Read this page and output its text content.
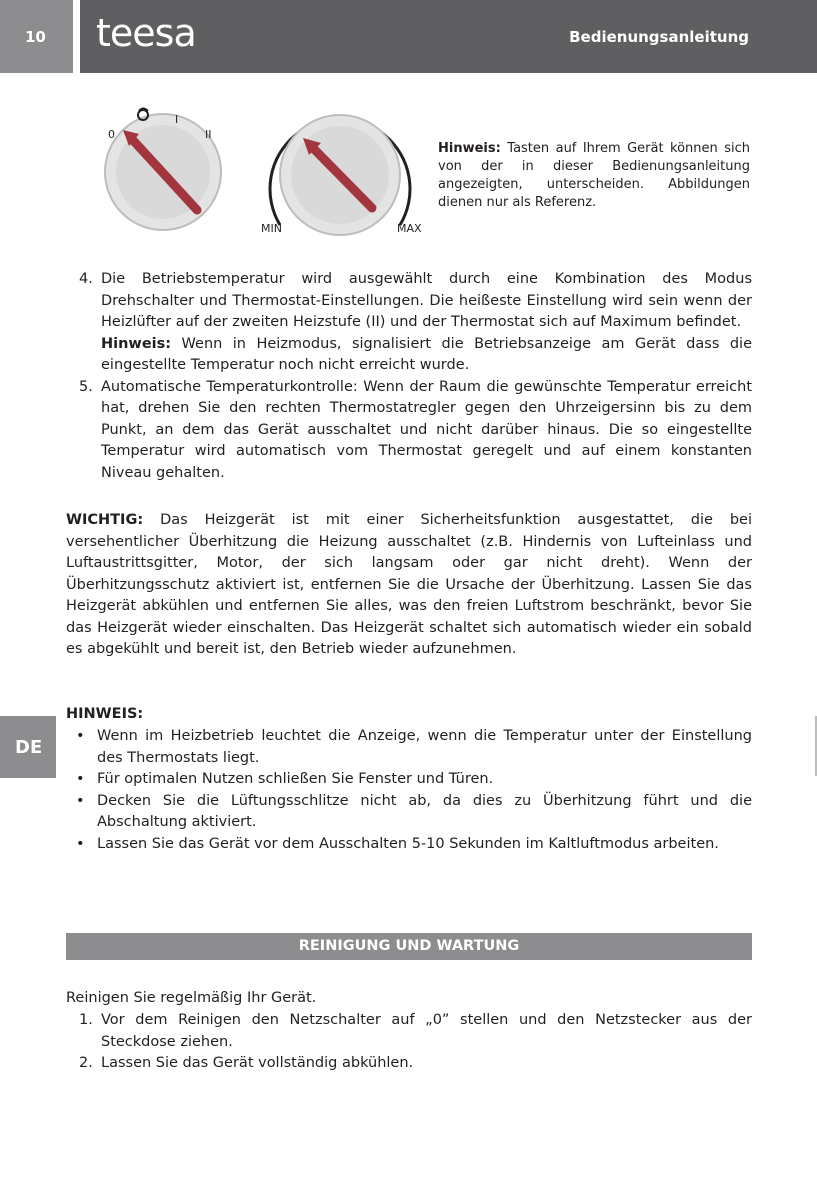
10 teesa	Bedienungsanleitung
DE
0
I
II
MIN	MAX

Hinweis: Tasten auf Ihrem Gerät können sich von der in dieser Bedienungsanleitung angezeigten, unterscheiden. Abbildungen dienen nur als Referenz.

4. Die Betriebstemperatur wird ausgewählt durch eine Kombination des Modus Drehschalter und Thermostat-Einstellungen. Die heißeste Einstellung wird sein wenn der Heizlüfter auf der zweiten Heizstufe (II) und der Thermostat sich auf Maximum befindet.
Hinweis: Wenn in Heizmodus, signalisiert die Betriebsanzeige am Gerät dass die eingestellte Temperatur noch nicht erreicht wurde.
5. Automatische Temperaturkontrolle: Wenn der Raum die gewünschte Temperatur erreicht hat, drehen Sie den rechten Thermostatregler gegen den Uhrzeigersinn bis zu dem Punkt, an dem das Gerät ausschaltet und nicht darüber hinaus. Die so eingestellte Temperatur wird automatisch vom Thermostat geregelt und auf einem konstanten Niveau gehalten.

WICHTIG: Das Heizgerät ist mit einer Sicherheitsfunktion ausgestattet, die bei versehentlicher Überhitzung die Heizung ausschaltet (z.B. Hindernis von Lufteinlass und Luftaustrittsgitter, Motor, der sich langsam oder gar nicht dreht). Wenn der Überhitzungsschutz aktiviert ist, entfernen Sie die Ursache der Überhitzung. Lassen Sie das Heizgerät abkühlen und entfernen Sie alles, was den freien Luftstrom beschränkt, bevor Sie das Heizgerät wieder einschalten. Das Heizgerät schaltet sich automatisch wieder ein sobald es abgekühlt und bereit ist, den Betrieb wieder aufzunehmen.

HINWEIS:

• Wenn im Heizbetrieb leuchtet die Anzeige, wenn die Temperatur unter der Einstellung des Thermostats liegt.
• Für optimalen Nutzen schließen Sie Fenster und Türen.
• Decken Sie die Lüftungsschlitze nicht ab, da dies zu Überhitzung führt und die Abschaltung aktiviert.
• Lassen Sie das Gerät vor dem Ausschalten 5-10 Sekunden im Kaltluftmodus arbeiten.
REINIGUNG UND WARTUNG

Reinigen Sie regelmäßig Ihr Gerät.

1. Vor dem Reinigen den Netzschalter auf „0” stellen und den Netzstecker aus der Steckdose ziehen.
2. Lassen Sie das Gerät vollständig abkühlen.
